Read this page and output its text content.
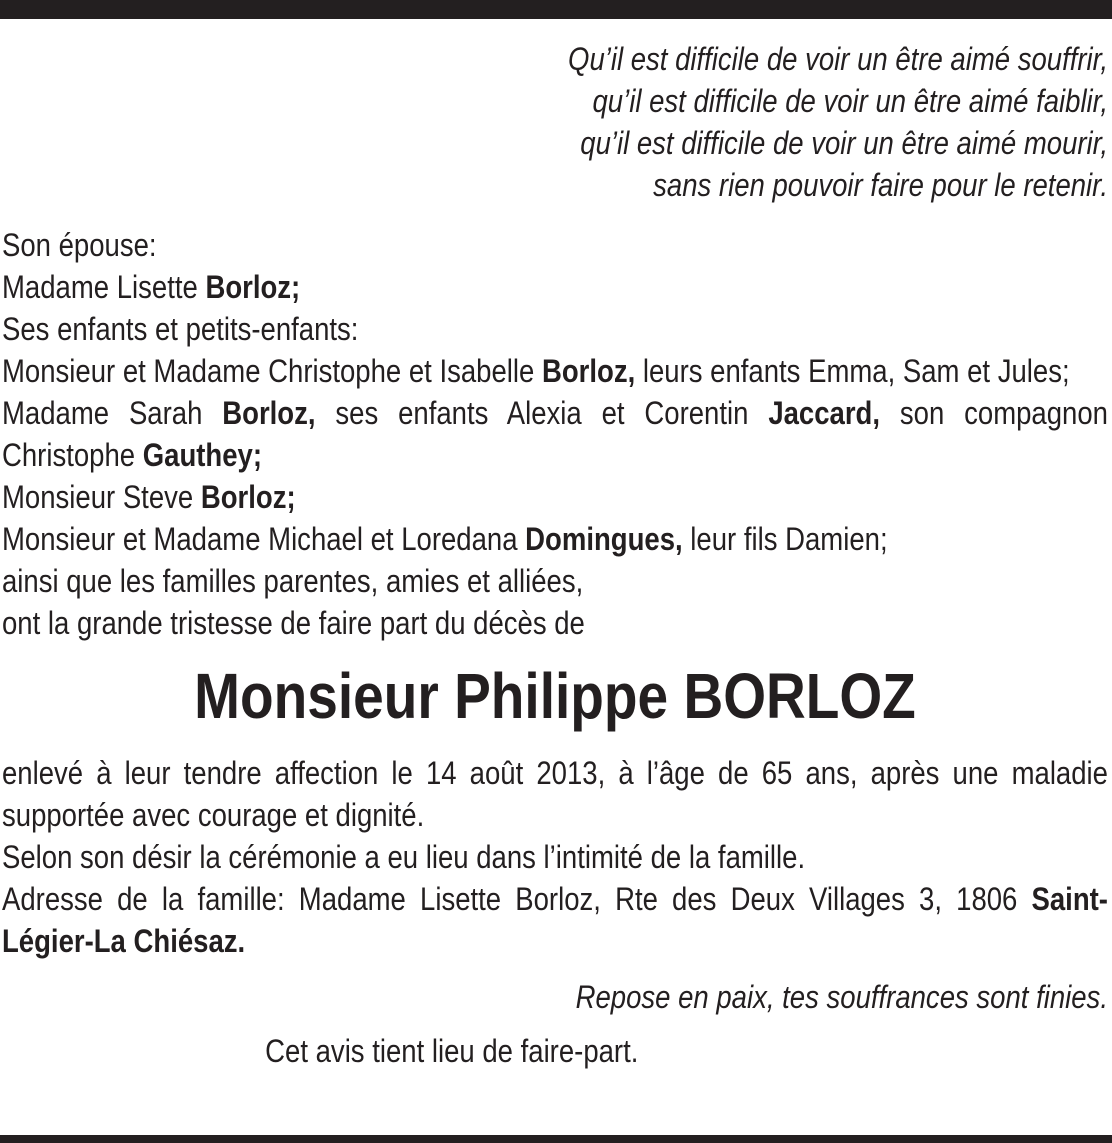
Qu’il est difficile de voir un être aimé souffrir,
qu’il est difficile de voir un être aimé faiblir,
qu’il est difficile de voir un être aimé mourir,
sans rien pouvoir faire pour le retenir.

Son épouse:

Madame Lisette Borloz;

Ses enfants et petits-enfants:

Monsieur et Madame Christophe et Isabelle Borloz, leurs enfants Emma, Sam et Jules;

Madame Sarah Borloz, ses enfants Alexia et Corentin Jaccard, son compagnon Christophe Gauthey;

Monsieur Steve Borloz;

Monsieur et Madame Michael et Loredana Domingues, leur fils Damien;

ainsi que les familles parentes, amies et alliées,

ont la grande tristesse de faire part du décès de

Monsieur Philippe BORLOZ

enlevé à leur tendre affection le 14 août 2013, à l’âge de 65 ans, après une maladie supportée avec courage et dignité.

Selon son désir la cérémonie a eu lieu dans l’intimité de la famille.

Adresse de la famille: Madame Lisette Borloz, Rte des Deux Villages 3, 1806 Saint-Légier-La Chiésaz.

Repose en paix, tes souffrances sont finies.
Cet avis tient lieu de faire-part.
